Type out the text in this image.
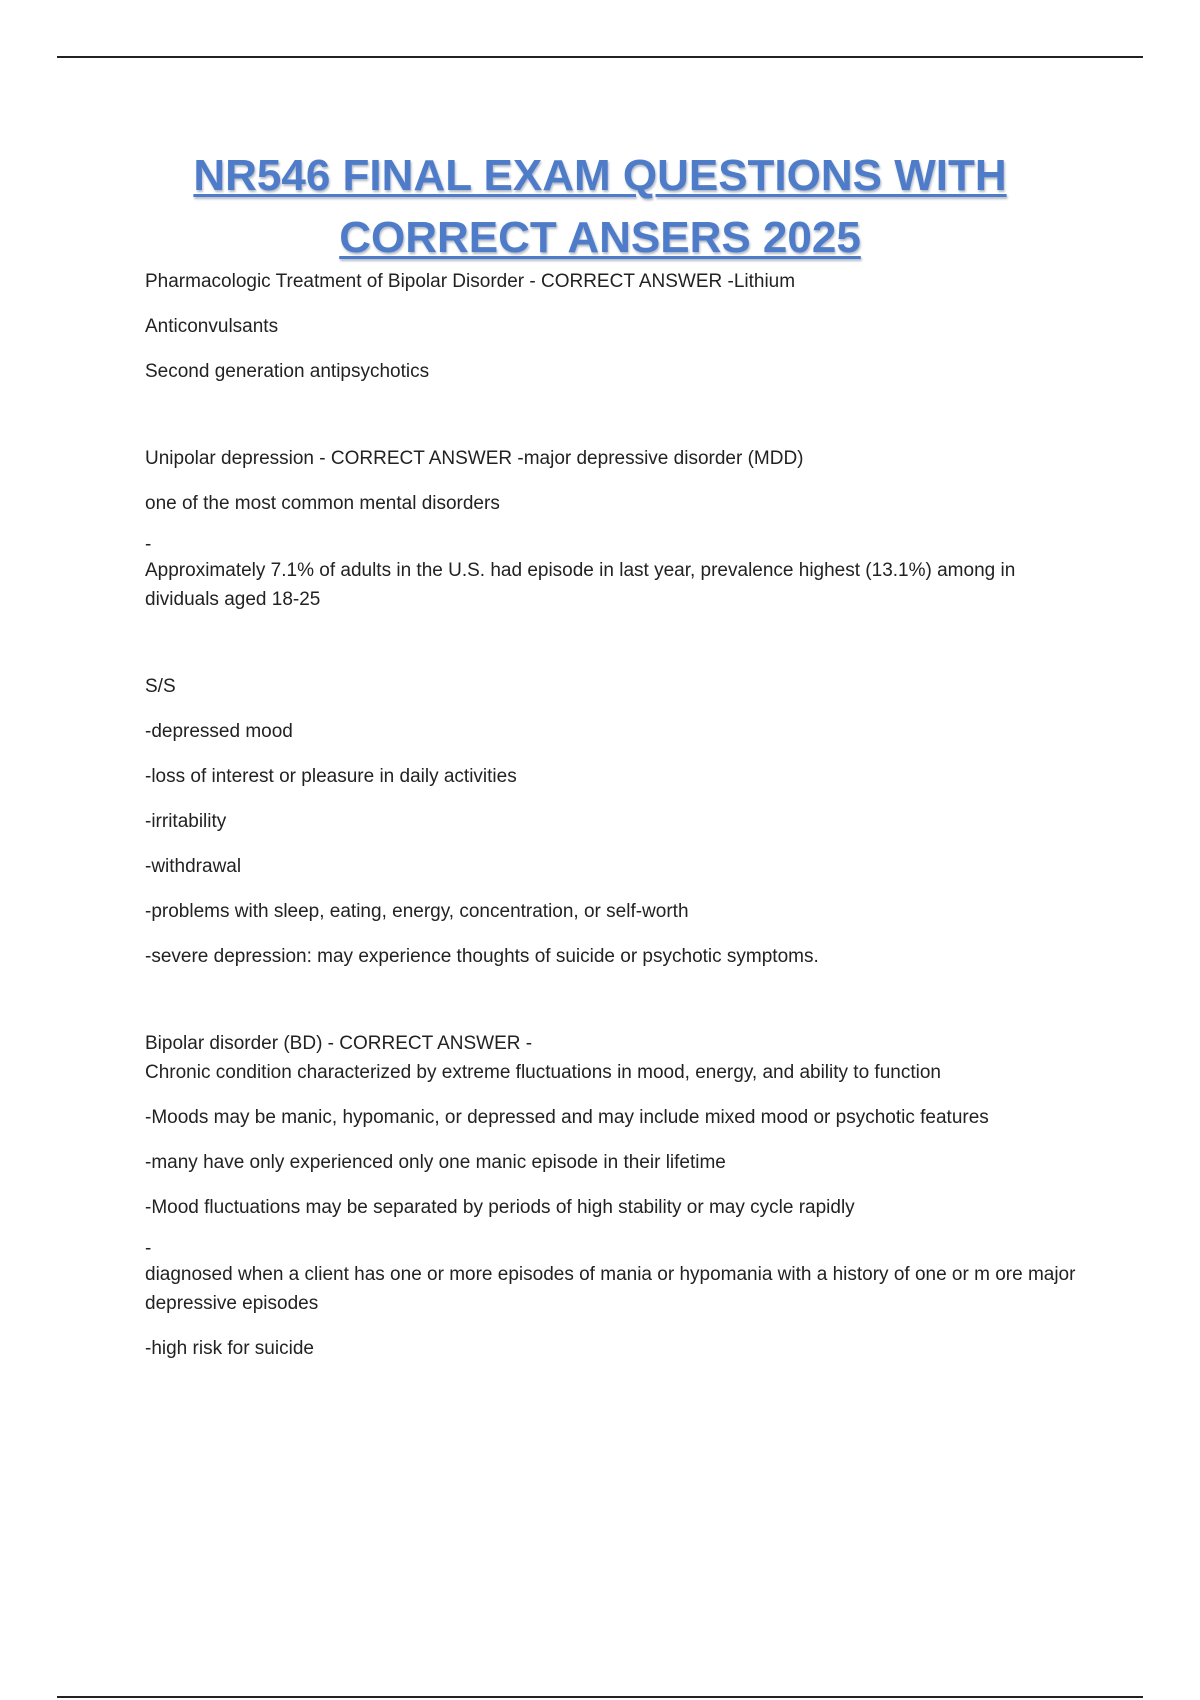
NR546 FINAL EXAM QUESTIONS WITH CORRECT ANSERS 2025

Pharmacologic Treatment of Bipolar Disorder - CORRECT ANSWER -Lithium

Anticonvulsants

Second generation antipsychotics

Unipolar depression - CORRECT ANSWER -major depressive disorder (MDD)

one of the most common mental disorders

-

Approximately 7.1% of adults in the U.S. had episode in last year, prevalence highest (13.1%) among in dividuals aged 18-25

S/S

-depressed mood

-loss of interest or pleasure in daily activities

-irritability

-withdrawal

-problems with sleep, eating, energy, concentration, or self-worth

-severe depression: may experience thoughts of suicide or psychotic symptoms.

Bipolar disorder (BD) - CORRECT ANSWER -

Chronic condition characterized by extreme fluctuations in mood, energy, and ability to function

-Moods may be manic, hypomanic, or depressed and may include mixed mood or psychotic features

-many have only experienced only one manic episode in their lifetime

-Mood fluctuations may be separated by periods of high stability or may cycle rapidly

-

diagnosed when a client has one or more episodes of mania or hypomania with a history of one or m ore major depressive episodes

-high risk for suicide
